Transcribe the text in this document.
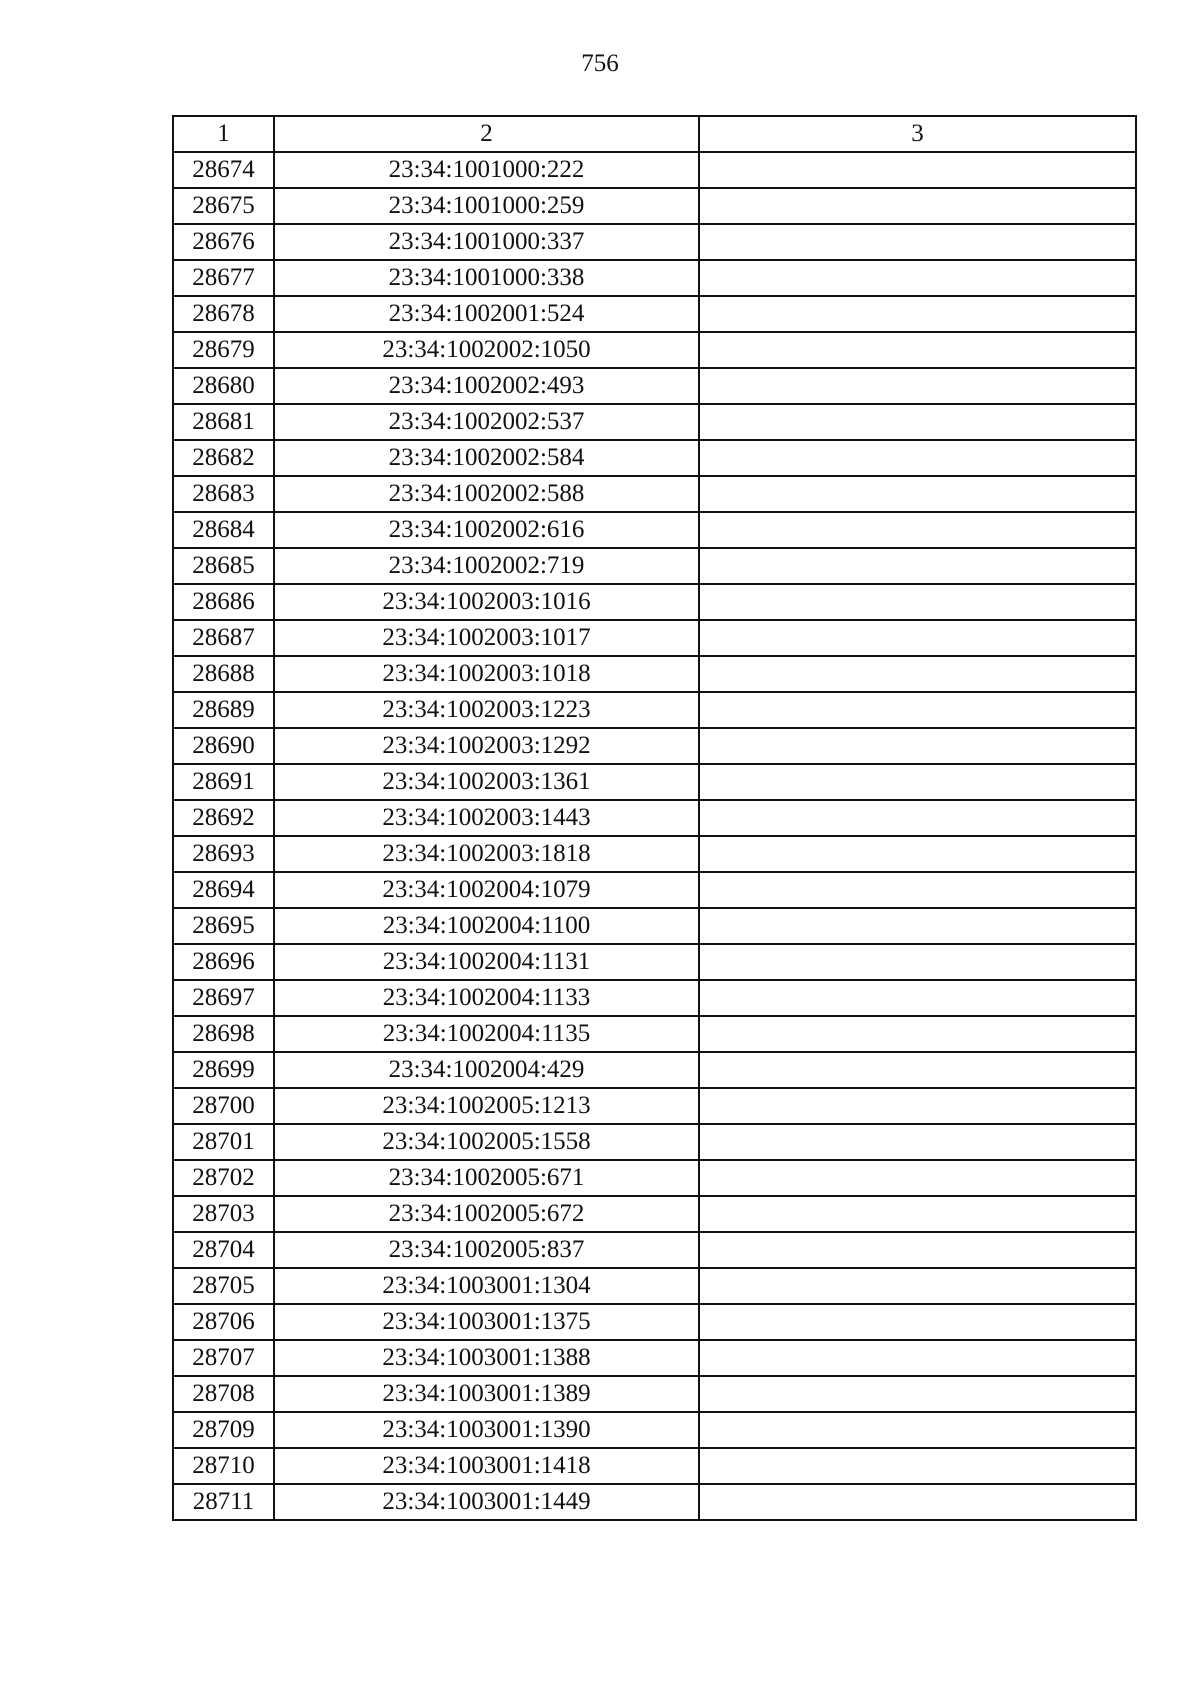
756
1	2	3
28674	23:34:1001000:222	
28675	23:34:1001000:259	
28676	23:34:1001000:337	
28677	23:34:1001000:338	
28678	23:34:1002001:524	
28679	23:34:1002002:1050	
28680	23:34:1002002:493	
28681	23:34:1002002:537	
28682	23:34:1002002:584	
28683	23:34:1002002:588	
28684	23:34:1002002:616	
28685	23:34:1002002:719	
28686	23:34:1002003:1016	
28687	23:34:1002003:1017	
28688	23:34:1002003:1018	
28689	23:34:1002003:1223	
28690	23:34:1002003:1292	
28691	23:34:1002003:1361	
28692	23:34:1002003:1443	
28693	23:34:1002003:1818	
28694	23:34:1002004:1079	
28695	23:34:1002004:1100	
28696	23:34:1002004:1131	
28697	23:34:1002004:1133	
28698	23:34:1002004:1135	
28699	23:34:1002004:429	
28700	23:34:1002005:1213	
28701	23:34:1002005:1558	
28702	23:34:1002005:671	
28703	23:34:1002005:672	
28704	23:34:1002005:837	
28705	23:34:1003001:1304	
28706	23:34:1003001:1375	
28707	23:34:1003001:1388	
28708	23:34:1003001:1389	
28709	23:34:1003001:1390	
28710	23:34:1003001:1418	
28711	23:34:1003001:1449	
